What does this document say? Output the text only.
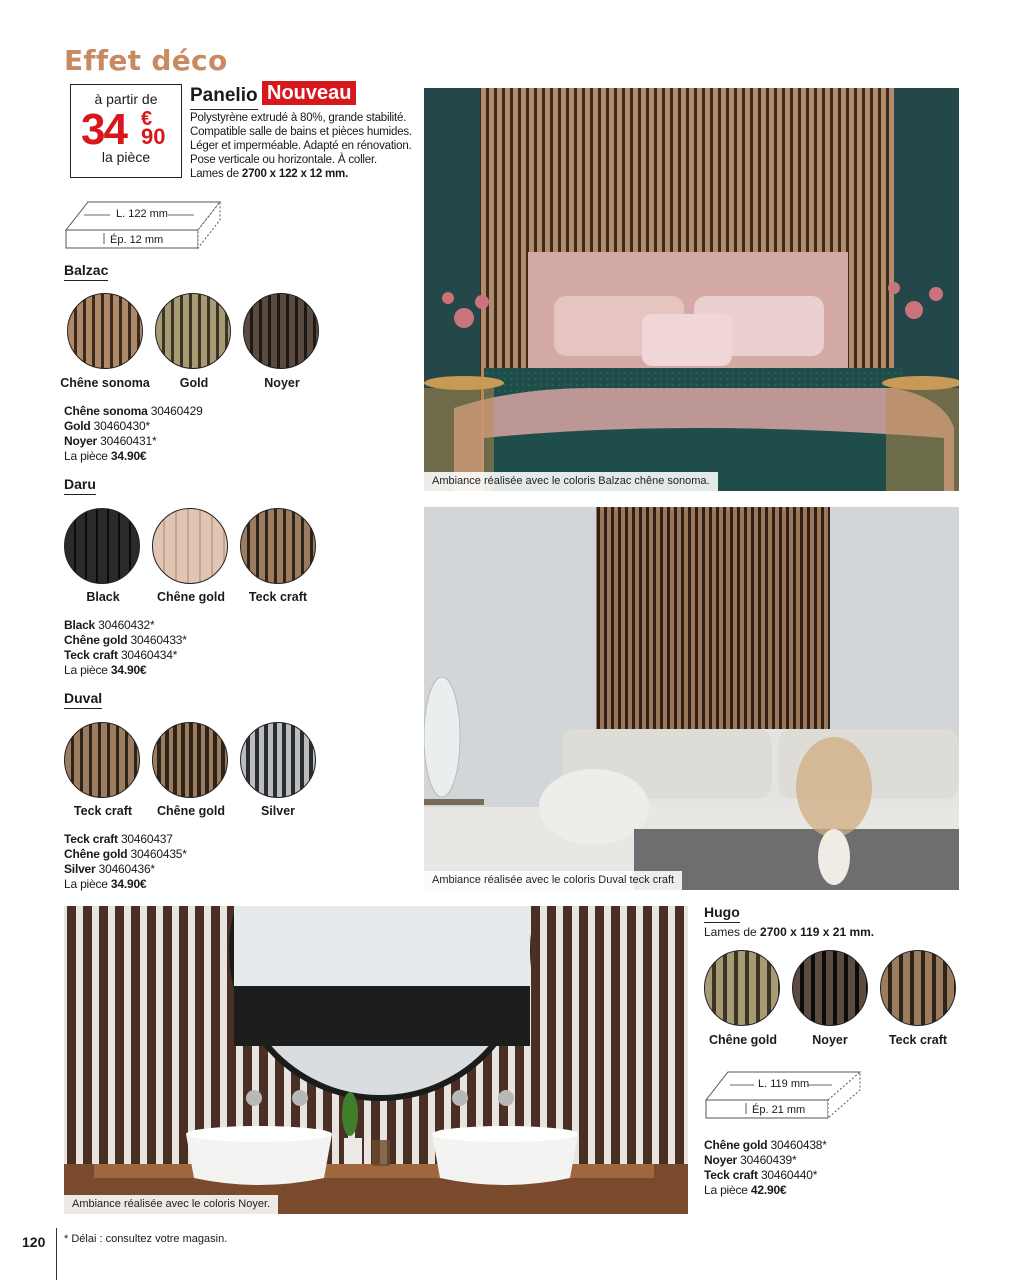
Effet déco
à partir de
34 €
90
la pièce
Panelio Nouveau
Polystyrène extrudé à 80%, grande stabilité.
Compatible salle de bains et pièces humides.
Léger et imperméable. Adapté en rénovation.
Pose verticale ou horizontale. À coller.
Lames de 2700 x 122 x 12 mm.
L. 122 mm
Ép. 12 mm
Balzac
Chêne sonoma	Gold	Noyer
Chêne sonoma 30460429
Gold 30460430*
Noyer 30460431*
La pièce 34.90€
Daru
Black	Chêne gold	Teck craft
Black 30460432*
Chêne gold 30460433*
Teck craft 30460434*
La pièce 34.90€
Duval
Teck craft	Chêne gold	Silver
Teck craft 30460437
Chêne gold 30460435*
Silver 30460436*
La pièce 34.90€
Ambiance réalisée avec le coloris Balzac chêne sonoma.
Ambiance réalisée avec le coloris Duval teck craft
Ambiance réalisée avec le coloris Noyer.
Hugo
Lames de 2700 x 119 x 21 mm.
Chêne gold	Noyer	Teck craft
L. 119 mm
Ép. 21 mm
Chêne gold 30460438*
Noyer 30460439*
Teck craft 30460440*
La pièce 42.90€
120 * Délai : consultez votre magasin.
